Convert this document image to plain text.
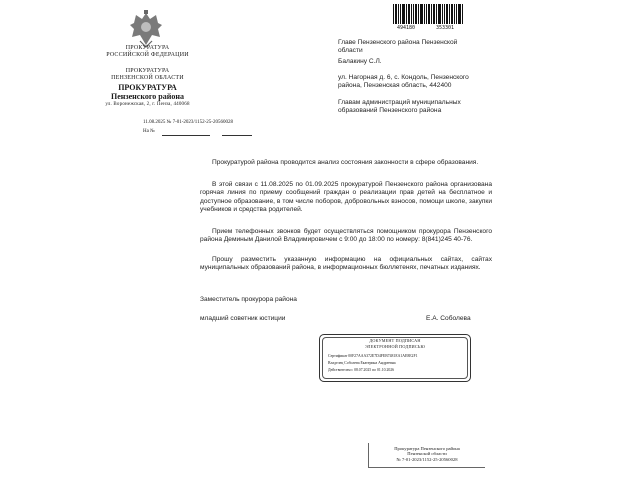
ПРОКУРАТУРА
РОССИЙСКОЙ ФЕДЕРАЦИИ
ПРОКУРАТУРА
ПЕНЗЕНСКОЙ ОБЛАСТИ
ПРОКУРАТУРА
Пензенского района
ул. Воронежская, 2, г. Пенза, 440068
11.08.2025 № 7-01-2023/1152-25-20560028
На №
494180	353301
Главе Пензенского района Пензенской области
Балакину С.Л.
ул. Нагорная д. 6, с. Кондоль, Пензенского района, Пензенская область, 442400
Главам администраций муниципальных образований Пензенского района

Прокуратурой района проводится анализ состояния законности в сфере образования.

В этой связи с 11.08.2025 по 01.09.2025 прокуратурой Пензенского района организована горячая линия по приему сообщений граждан о реализации прав детей на бесплатное и доступное образование, в том числе поборов, добровольных взносов, помощи школе, закупки учебников и средства родителей.

Прием телефонных звонков будет осуществляться помощником прокурора Пензенского района Деминым Данилой Владимировичем с 9:00 до 18:00 по номеру: 8(841)245 40-76.

Прошу разместить указанную информацию на официальных сайтах, сайтах муниципальных образований района, в информационных бюллетенях, печатных изданиях.

Заместитель прокурора района
младший советник юстиции	Е.А. Соболева
ДОКУМЕНТ ПОДПИСАН
ЭЛЕКТРОННОЙ ПОДПИСЬЮ
Сертификат 00F27AAA372E7D4FEB7481EA1AE8E2F1
Владелец Соболева Екатерина Андреевна
Действителен с 08.07.2025 по 01.10.2026
Прокуратура Пензенского района
Пензенской области
№ 7-01-2023/1152-25-20560028
